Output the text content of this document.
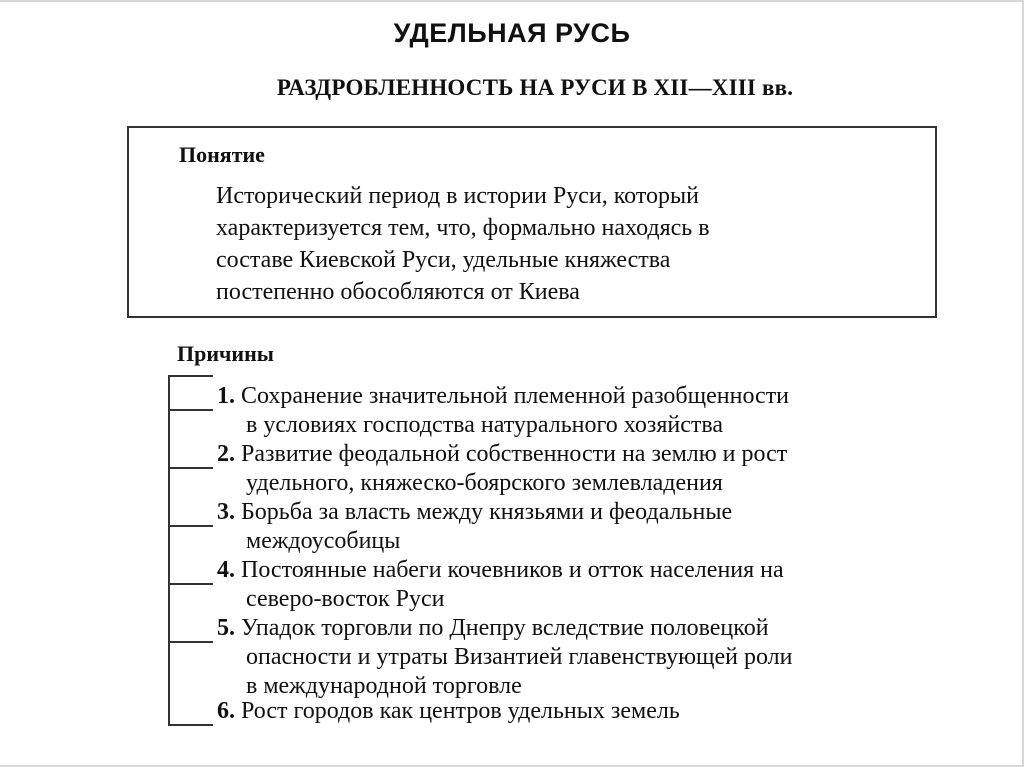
УДЕЛЬНАЯ РУСЬ
РАЗДРОБЛЕННОСТЬ НА РУСИ В XII—XIII вв.
Понятие
Исторический период в истории Руси, который
характеризуется тем, что, формально находясь в
составе Киевской Руси, удельные княжества
постепенно обособляются от Киева
Причины
1. Сохранение значительной племенной разобщенности
в условиях господства натурального хозяйства
2. Развитие феодальной собственности на землю и рост
удельного, княжеско-боярского землевладения
3. Борьба за власть между князьями и феодальные
междоусобицы
4. Постоянные набеги кочевников и отток населения на
северо-восток Руси
5. Упадок торговли по Днепру вследствие половецкой
опасности и утраты Византией главенствующей роли
в международной торговле
6. Рост городов как центров удельных земель
